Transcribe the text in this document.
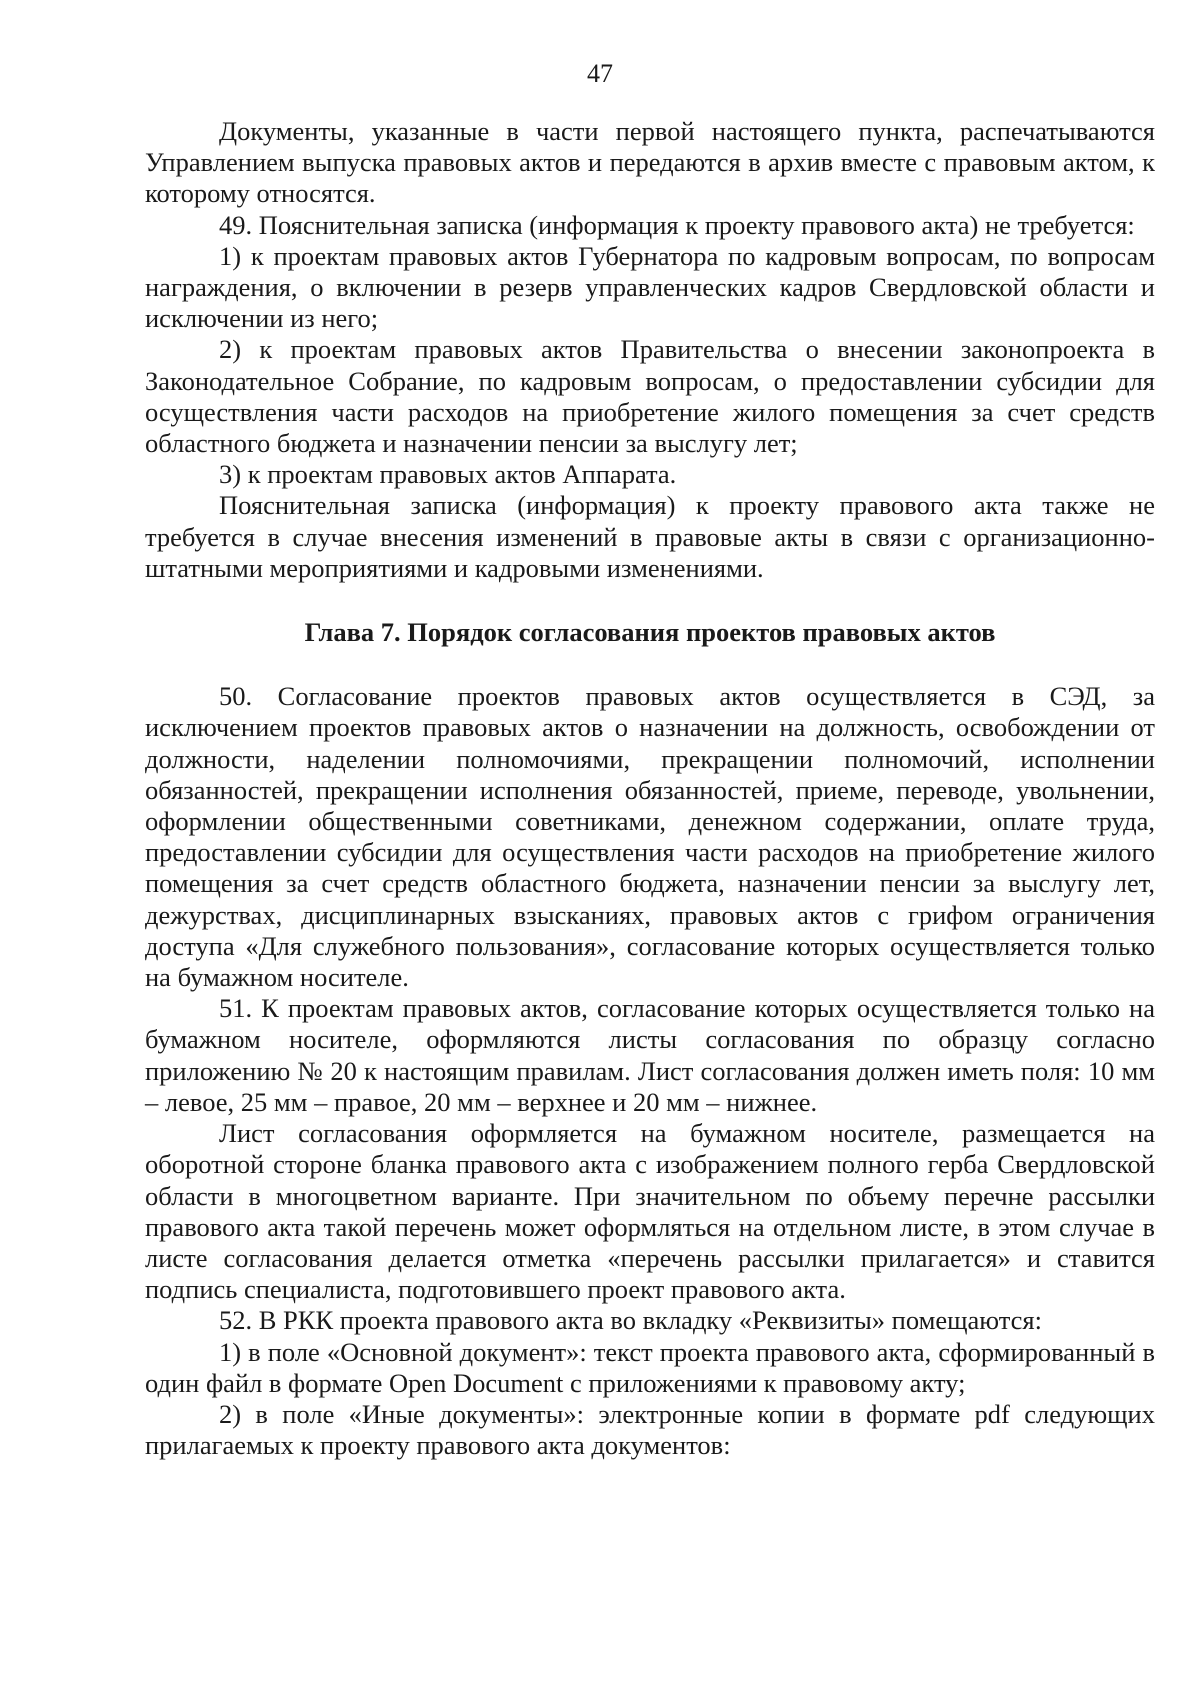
47

Документы, указанные в части первой настоящего пункта, распечатываются Управлением выпуска правовых актов и передаются в архив вместе с правовым актом, к которому относятся.

49. Пояснительная записка (информация к проекту правового акта) не требуется:

1) к проектам правовых актов Губернатора по кадровым вопросам, по вопросам награждения, о включении в резерв управленческих кадров Свердловской области и исключении из него;

2) к проектам правовых актов Правительства о внесении законопроекта в Законодательное Собрание, по кадровым вопросам, о предоставлении субсидии для осуществления части расходов на приобретение жилого помещения за счет средств областного бюджета и назначении пенсии за выслугу лет;

3) к проектам правовых актов Аппарата.

Пояснительная записка (информация) к проекту правового акта также не требуется в случае внесения изменений в правовые акты в связи с организационно-штатными мероприятиями и кадровыми изменениями.

Глава 7. Порядок согласования проектов правовых актов

50. Согласование проектов правовых актов осуществляется в СЭД, за исключением проектов правовых актов о назначении на должность, освобождении от должности, наделении полномочиями, прекращении полномочий, исполнении обязанностей, прекращении исполнения обязанностей, приеме, переводе, увольнении, оформлении общественными советниками, денежном содержании, оплате труда, предоставлении субсидии для осуществления части расходов на приобретение жилого помещения за счет средств областного бюджета, назначении пенсии за выслугу лет, дежурствах, дисциплинарных взысканиях, правовых актов с грифом ограничения доступа «Для служебного пользования», согласование которых осуществляется только на бумажном носителе.

51. К проектам правовых актов, согласование которых осуществляется только на бумажном носителе, оформляются листы согласования по образцу согласно приложению № 20 к настоящим правилам. Лист согласования должен иметь поля: 10 мм – левое, 25 мм – правое, 20 мм – верхнее и 20 мм – нижнее.

Лист согласования оформляется на бумажном носителе, размещается на оборотной стороне бланка правового акта с изображением полного герба Свердловской области в многоцветном варианте. При значительном по объему перечне рассылки правового акта такой перечень может оформляться на отдельном листе, в этом случае в листе согласования делается отметка «перечень рассылки прилагается» и ставится подпись специалиста, подготовившего проект правового акта.

52. В РКК проекта правового акта во вкладку «Реквизиты» помещаются:

1) в поле «Основной документ»: текст проекта правового акта, сформированный в один файл в формате Open Document с приложениями к правовому акту;

2) в поле «Иные документы»: электронные копии в формате pdf следующих прилагаемых к проекту правового акта документов:
